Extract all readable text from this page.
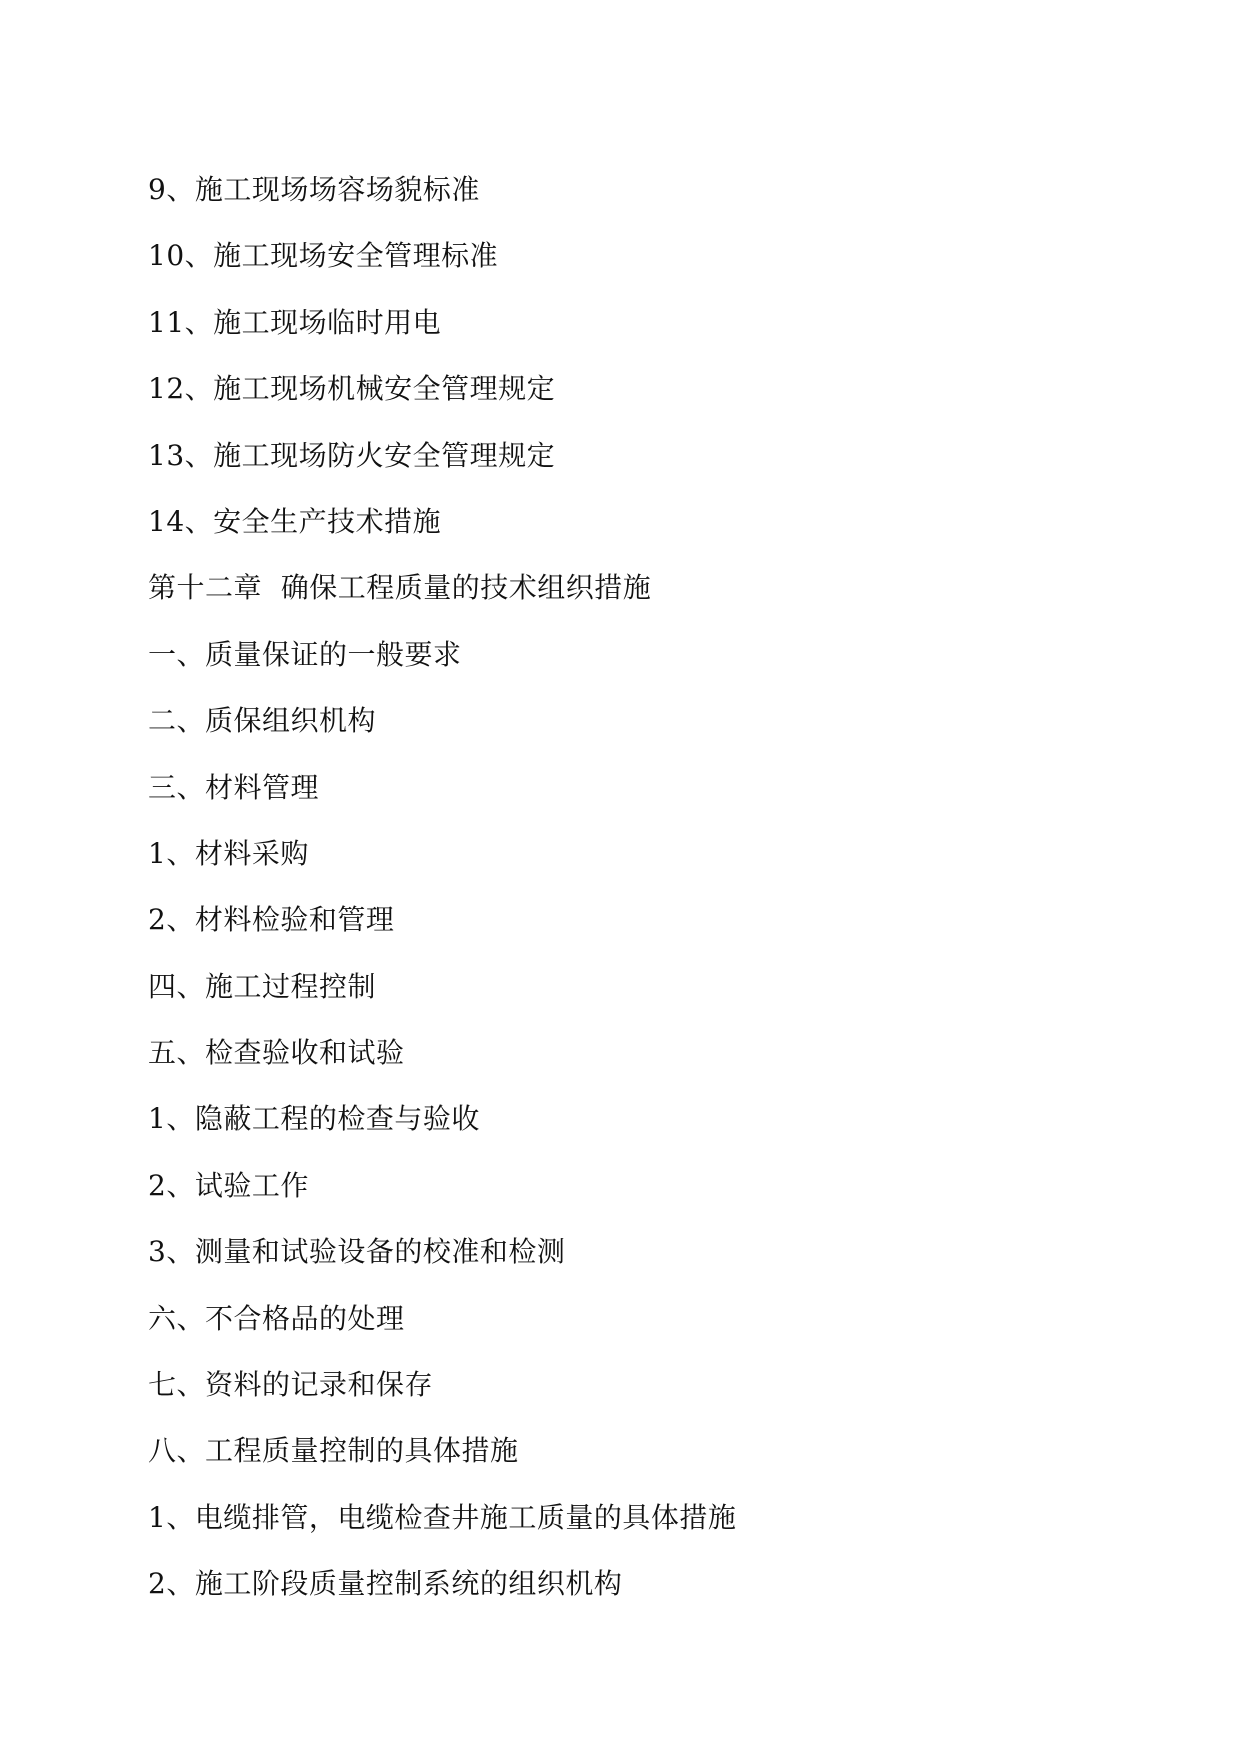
9、施工现场场容场貌标准
10、施工现场安全管理标准
11、施工现场临时用电
12、施工现场机械安全管理规定
13、施工现场防火安全管理规定
14、安全生产技术措施
第十二章  确保工程质量的技术组织措施
一、质量保证的一般要求
二、质保组织机构
三、材料管理
1、材料采购
2、材料检验和管理
四、施工过程控制
五、检查验收和试验
1、隐蔽工程的检查与验收
2、试验工作
3、测量和试验设备的校准和检测
六、不合格品的处理
七、资料的记录和保存
八、工程质量控制的具体措施
1、电缆排管，电缆检查井施工质量的具体措施
2、施工阶段质量控制系统的组织机构
